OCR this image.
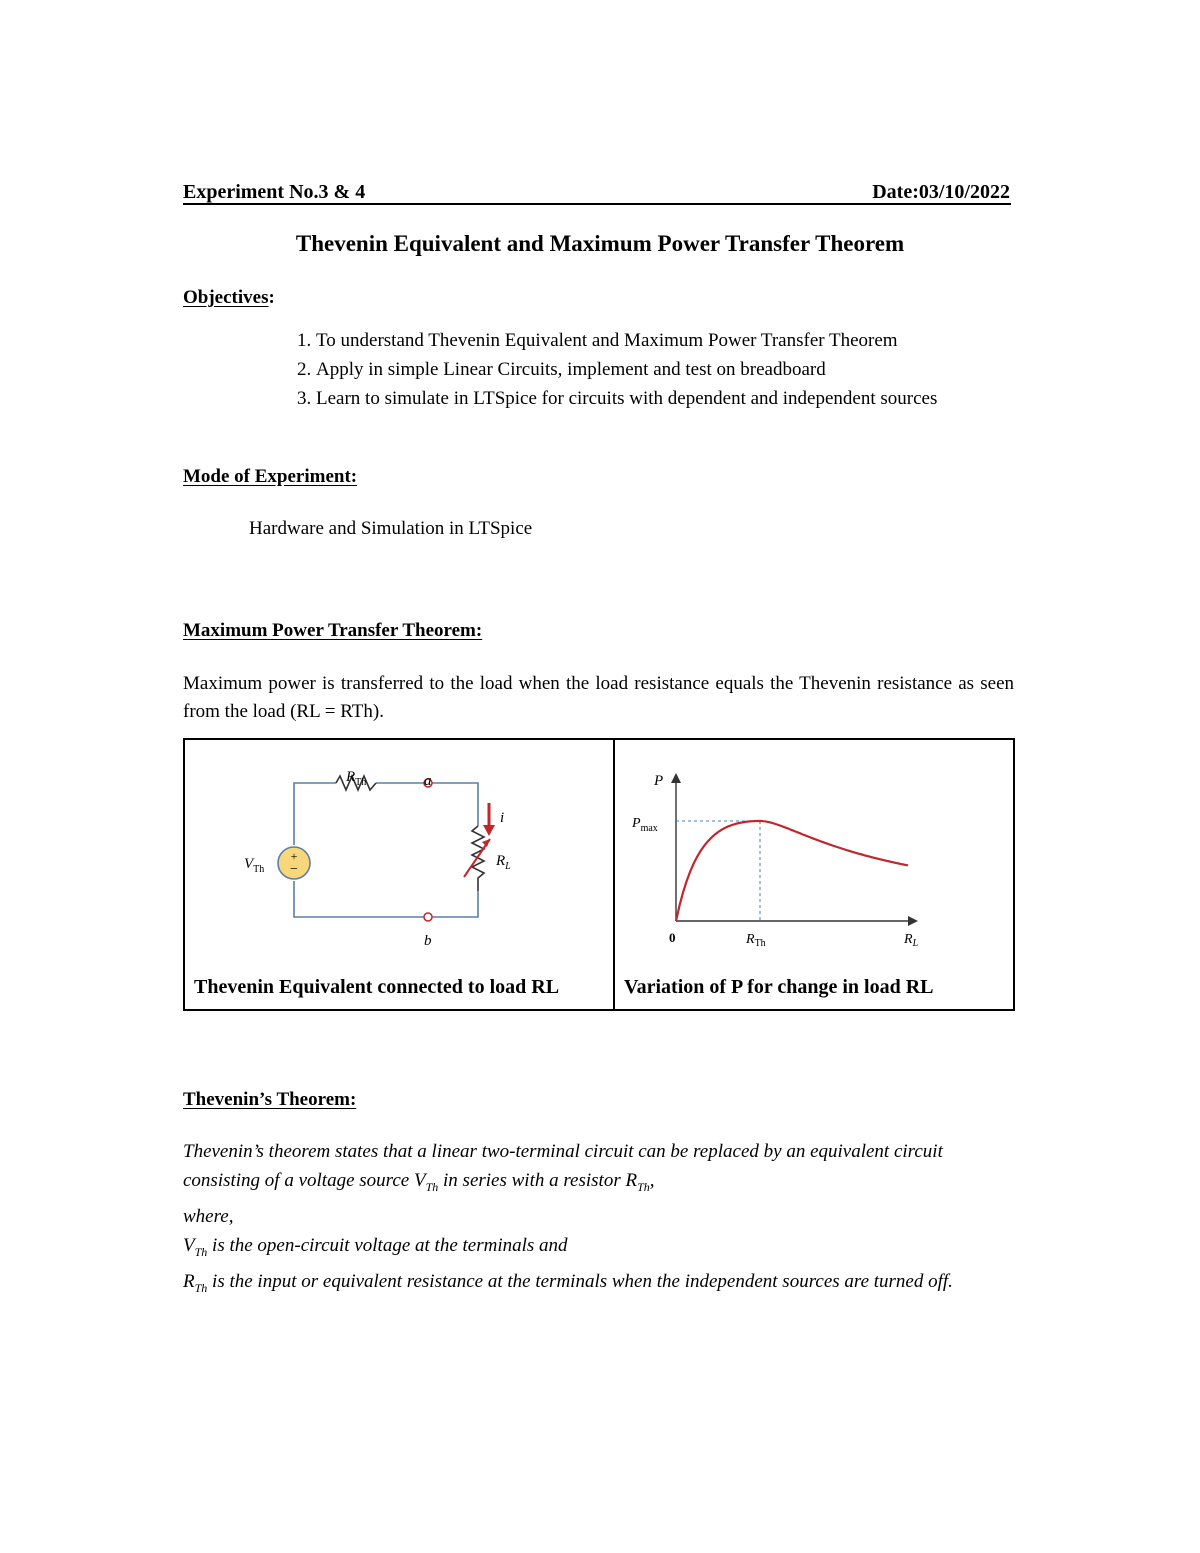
Experiment No.3 & 4	Date:03/10/2022
Thevenin Equivalent and Maximum Power Transfer Theorem
Objectives:
1. To understand Thevenin Equivalent and Maximum Power Transfer Theorem
2. Apply in simple Linear Circuits, implement and test on breadboard
3. Learn to simulate in LTSpice for circuits with dependent and independent sources
Mode of Experiment:
Hardware and Simulation in LTSpice
Maximum Power Transfer Theorem:
Maximum power is transferred to the load when the load resistance equals the Thevenin resistance as seen from the load (RL = RTh).
+
−
$R_{Th}$	a
b
i
$V_{Th}$
$R_L$
P
$P_{max}$
0	$R_{Th}$	$R_L$
Thevenin Equivalent connected to load RL	Variation of P for change in load RL
Thevenin’s Theorem:
Thevenin’s theorem states that a linear two-terminal circuit can be replaced by an equivalent circuit consisting of a voltage source $V_{Th}$ in series with a resistor $R_{Th}$,
where,
$V_{Th}$ is the open-circuit voltage at the terminals and
$R_{Th}$ is the input or equivalent resistance at the terminals when the independent sources are turned off.
